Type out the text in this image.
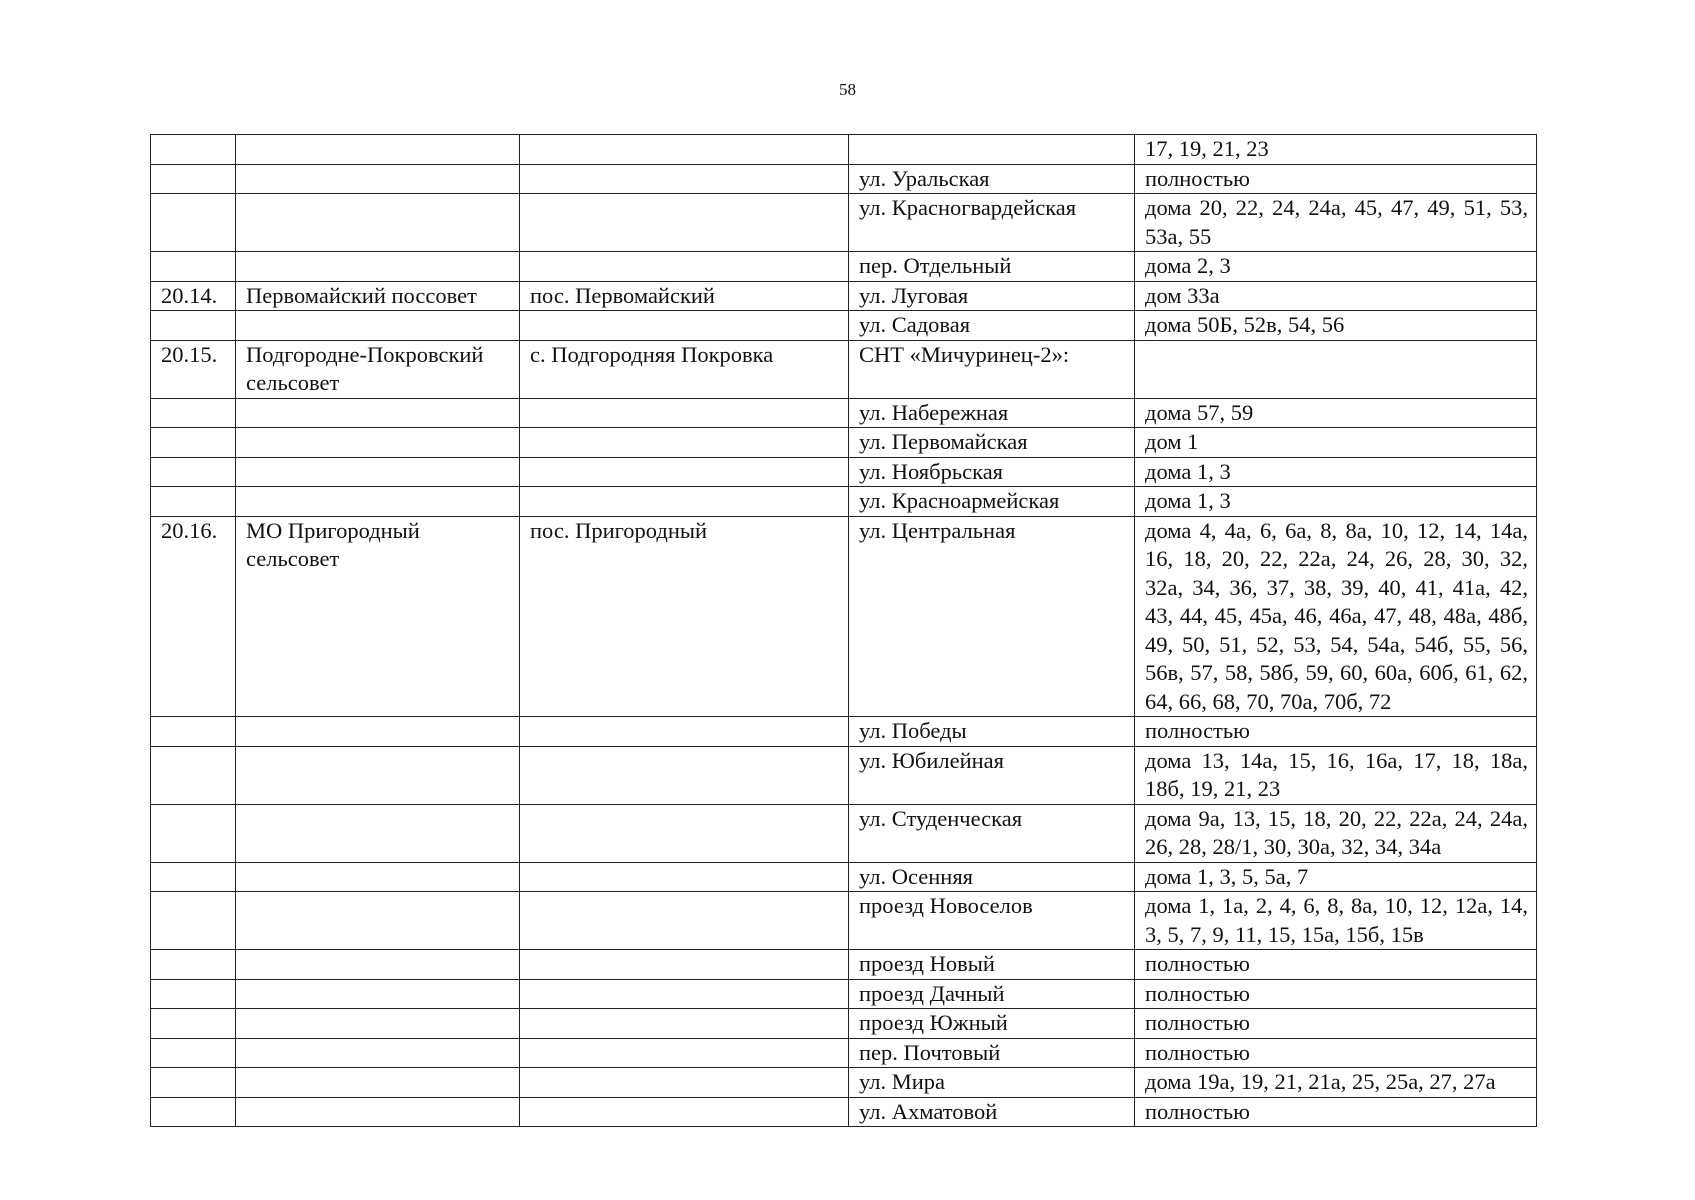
58
				17, 19, 21, 23
			ул. Уральская	полностью
			ул. Красногвардейская	дома 20, 22, 24, 24а, 45, 47, 49, 51, 53, 53а, 55
			пер. Отдельный	дома 2, 3
20.14.	Первомайский поссовет	пос. Первомайский	ул. Луговая	дом 33а
			ул. Садовая	дома 50Б, 52в, 54, 56
20.15.	Подгородне-Покровский сельсовет	с. Подгородняя Покровка	СНТ «Мичуринец-2»:	
			ул. Набережная	дома 57, 59
			ул. Первомайская	дом 1
			ул. Ноябрьская	дома 1, 3
			ул. Красноармейская	дома 1, 3
20.16.	МО Пригородный сельсовет	пос. Пригородный	ул. Центральная	дома 4, 4а, 6, 6а, 8, 8а, 10, 12, 14, 14а, 16, 18, 20, 22, 22а, 24, 26, 28, 30, 32, 32а, 34, 36, 37, 38, 39, 40, 41, 41а, 42, 43, 44, 45, 45а, 46, 46а, 47, 48, 48а, 48б, 49, 50, 51, 52, 53, 54, 54а, 54б, 55, 56, 56в, 57, 58, 58б, 59, 60, 60а, 60б, 61, 62, 64, 66, 68, 70, 70а, 70б, 72
			ул. Победы	полностью
			ул. Юбилейная	дома 13, 14а, 15, 16, 16а, 17, 18, 18а, 18б, 19, 21, 23
			ул. Студенческая	дома 9а, 13, 15, 18, 20, 22, 22а, 24, 24а, 26, 28, 28/1, 30, 30а, 32, 34, 34а
			ул. Осенняя	дома 1, 3, 5, 5а, 7
			проезд Новоселов	дома 1, 1а, 2, 4, 6, 8, 8а, 10, 12, 12а, 14, 3, 5, 7, 9, 11, 15, 15а, 15б, 15в
			проезд Новый	полностью
			проезд Дачный	полностью
			проезд Южный	полностью
			пер. Почтовый	полностью
			ул. Мира	дома 19а, 19, 21, 21а, 25, 25а, 27, 27а
			ул. Ахматовой	полностью
